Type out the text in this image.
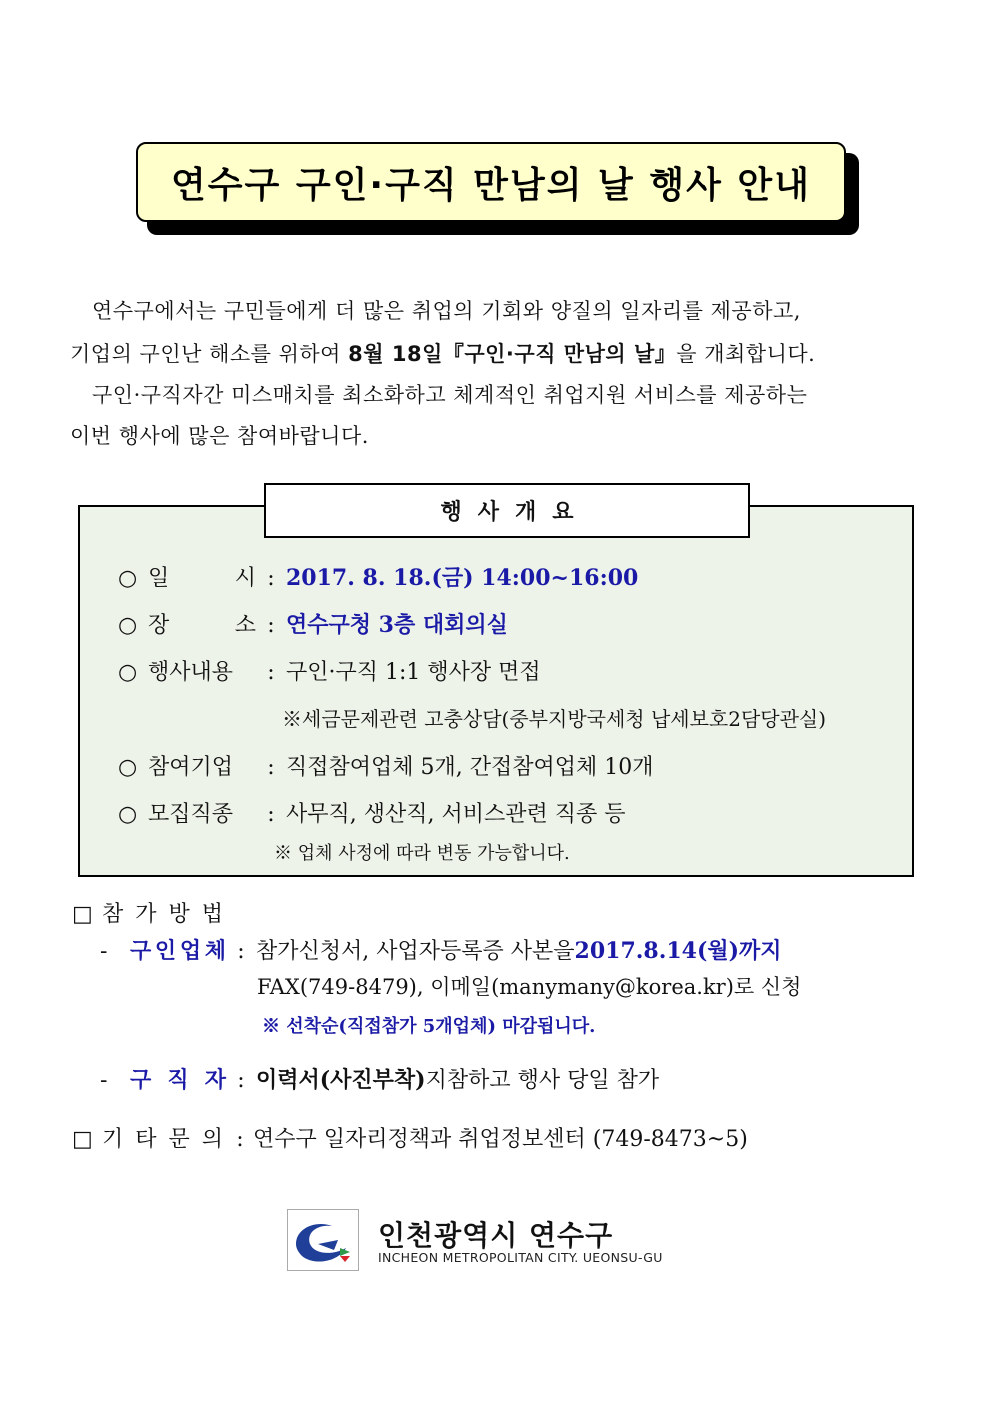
연수구 구인·구직 만남의 날 행사 안내
연수구에서는 구민들에게 더 많은 취업의 기회와 양질의 일자리를 제공하고,
기업의 구인난 해소를 위하여 8월 18일『구인·구직 만남의 날』을 개최합니다.
구인·구직자간 미스매치를 최소화하고 체계적인 취업지원 서비스를 제공하는
이번 행사에 많은 참여바랍니다.
행사개요
○ 일	시 : 2017. 8. 18.(금) 14:00~16:00
○ 장	소 : 연수구청 3층 대회의실
○ 행사내용	: 구인·구직 1:1 행사장 면접
※세금문제관련 고충상담(중부지방국세청 납세보호2담당관실)
○ 참여기업	: 직접참여업체 5개, 간접참여업체 10개
○ 모집직종	: 사무직, 생산직, 서비스관련 직종 등
※ 업체 사정에 따라 변동 가능합니다.
□ 참가방법
-	구 인 업 체 : 참가신청서, 사업자등록증 사본을 2017.8.14(월)까지
FAX(749-8479), 이메일(manymany@korea.kr)로 신청
※ 선착순(직접참가 5개업체) 마감됩니다.
-	구 직 자 : 이력서(사진부착) 지참하고 행사 당일 참가
□ 기타문의 : 연수구 일자리정책과 취업정보센터 (749-8473~5)
인천광역시 연수구
INCHEON METROPOLITAN CITY. UEONSU-GU
